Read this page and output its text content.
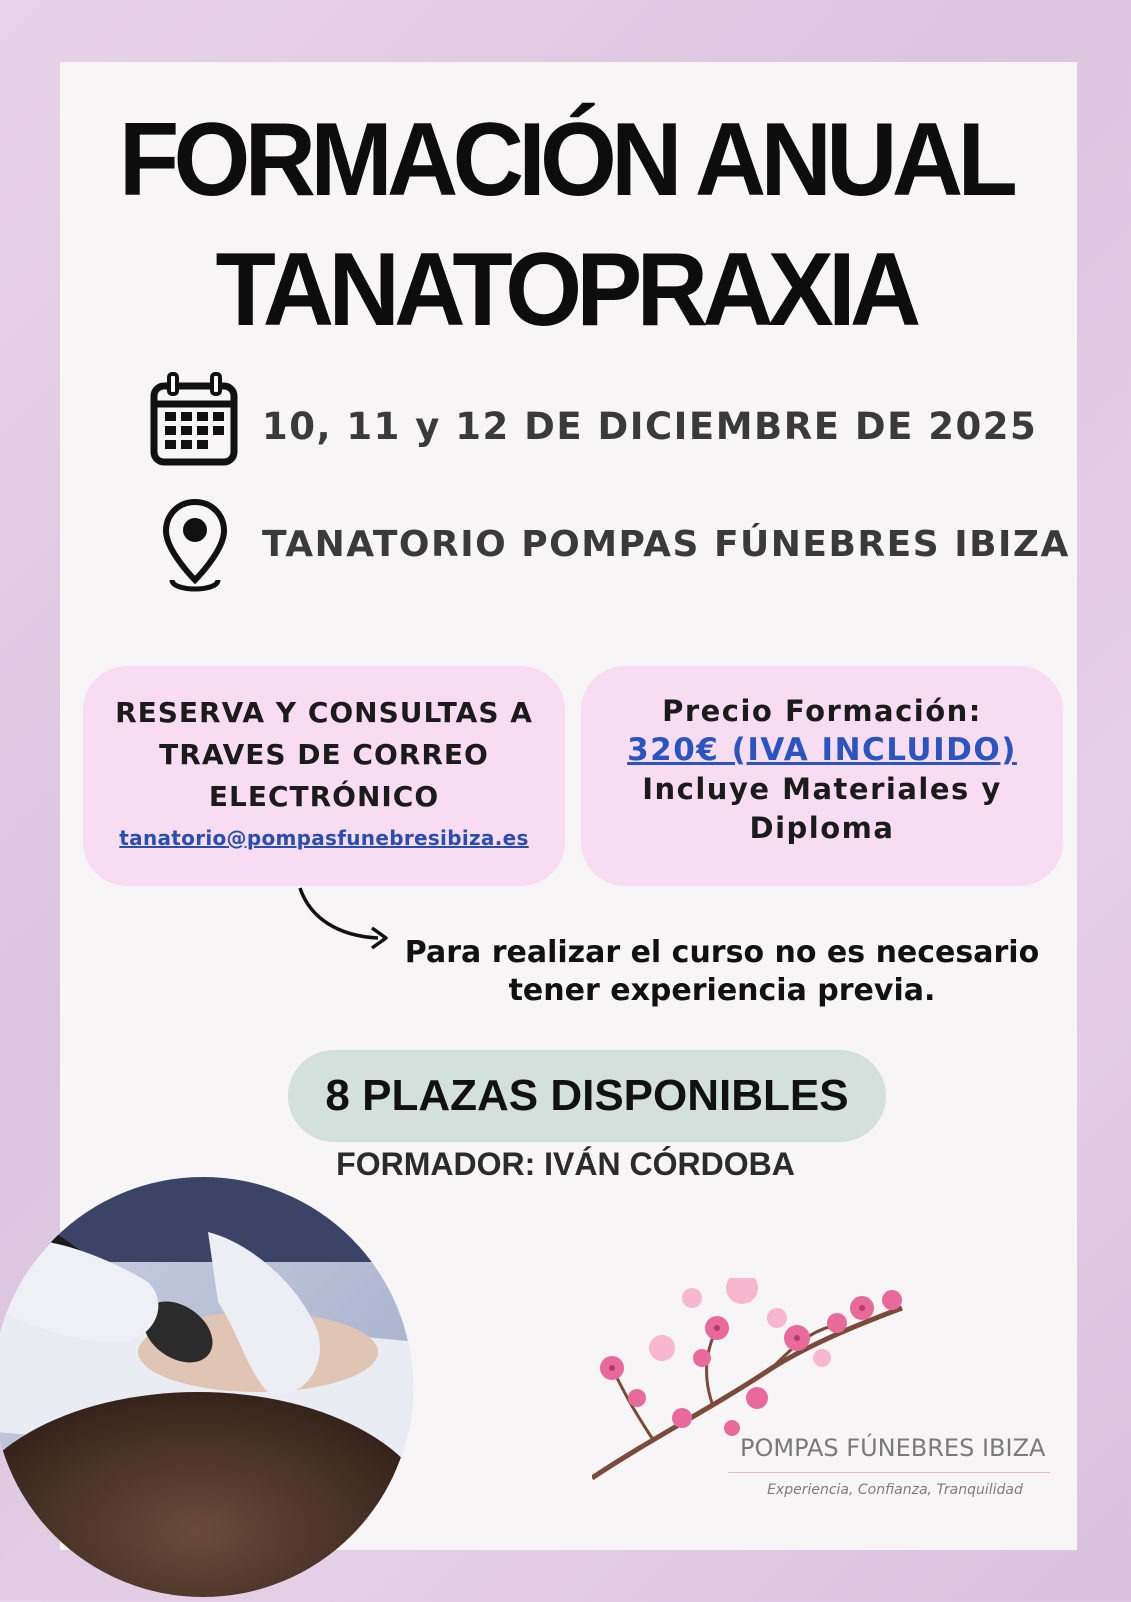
FORMACIÓN ANUAL
TANATOPRAXIA
10, 11 y 12 DE DICIEMBRE DE 2025
TANATORIO POMPAS FÚNEBRES IBIZA
RESERVA Y CONSULTAS A
TRAVES DE CORREO
ELECTRÓNICO
tanatorio@pompasfunebresibiza.es
Precio Formación:
320€ (IVA INCLUIDO)
Incluye Materiales y
Diploma
Para realizar el curso no es necesario
tener experiencia previa.
8 PLAZAS DISPONIBLES
FORMADOR: IVÁN CÓRDOBA
POMPAS FÚNEBRES IBIZA
Experiencia, Confianza, Tranquilidad
